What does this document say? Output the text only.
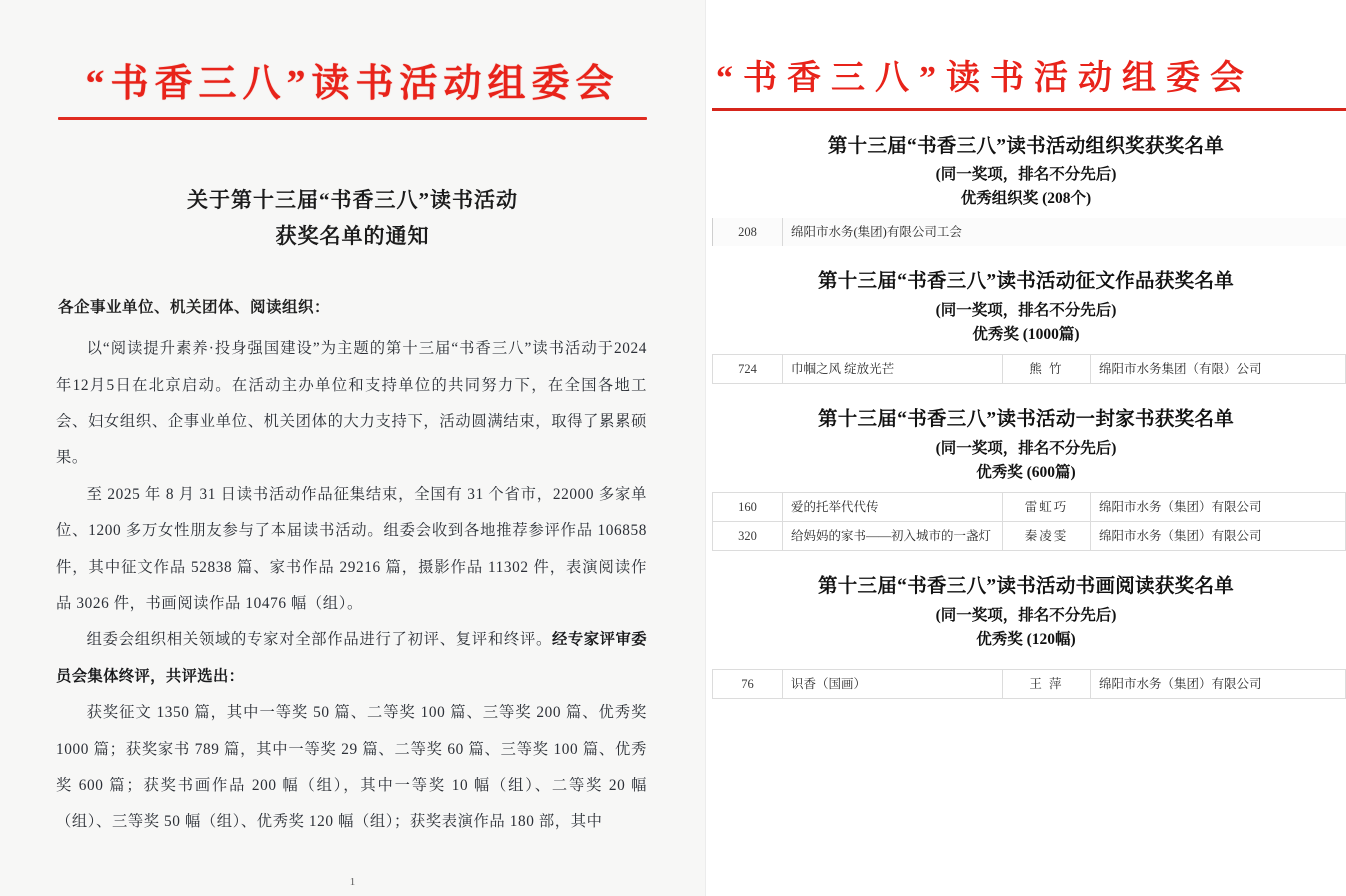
“书香三八”读书活动组委会
关于第十三届“书香三八”读书活动
获奖名单的通知
各企事业单位、机关团体、阅读组织：

以“阅读提升素养·投身强国建设”为主题的第十三届“书香三八”读书活动于2024年12月5日在北京启动。在活动主办单位和支持单位的共同努力下，在全国各地工会、妇女组织、企事业单位、机关团体的大力支持下，活动圆满结束，取得了累累硕果。

至 2025 年 8 月 31 日读书活动作品征集结束，全国有 31 个省市，22000 多家单位、1200 多万女性朋友参与了本届读书活动。组委会收到各地推荐参评作品 106858 件，其中征文作品 52838 篇、家书作品 29216 篇，摄影作品 11302 件，表演阅读作品 3026 件，书画阅读作品 10476 幅（组）。

组委会组织相关领域的专家对全部作品进行了初评、复评和终评。经专家评审委员会集体终评，共评选出：

获奖征文 1350 篇，其中一等奖 50 篇、二等奖 100 篇、三等奖 200 篇、优秀奖 1000 篇；获奖家书 789 篇，其中一等奖 29 篇、二等奖 60 篇、三等奖 100 篇、优秀奖 600 篇；获奖书画作品 200 幅（组），其中一等奖 10 幅（组）、二等奖 20 幅（组）、三等奖 50 幅（组）、优秀奖 120 幅（组）；获奖表演作品 180 部，其中

1
“书香三八”读书活动组委会
第十三届“书香三八”读书活动组织奖获奖名单
(同一奖项，排名不分先后)
优秀组织奖 (208个)
208	绵阳市水务(集团)有限公司工会
第十三届“书香三八”读书活动征文作品获奖名单
(同一奖项，排名不分先后)
优秀奖 (1000篇)
724	巾帼之风 绽放光芒	熊 竹	绵阳市水务集团（有限）公司
第十三届“书香三八”读书活动一封家书获奖名单
(同一奖项，排名不分先后)
优秀奖 (600篇)
160	爱的托举代代传	雷虹巧	绵阳市水务（集团）有限公司
320	给妈妈的家书——初入城市的一盏灯	秦凌雯	绵阳市水务（集团）有限公司
第十三届“书香三八”读书活动书画阅读获奖名单
(同一奖项，排名不分先后)
优秀奖 (120幅)
76	识香（国画）	王 萍	绵阳市水务（集团）有限公司
